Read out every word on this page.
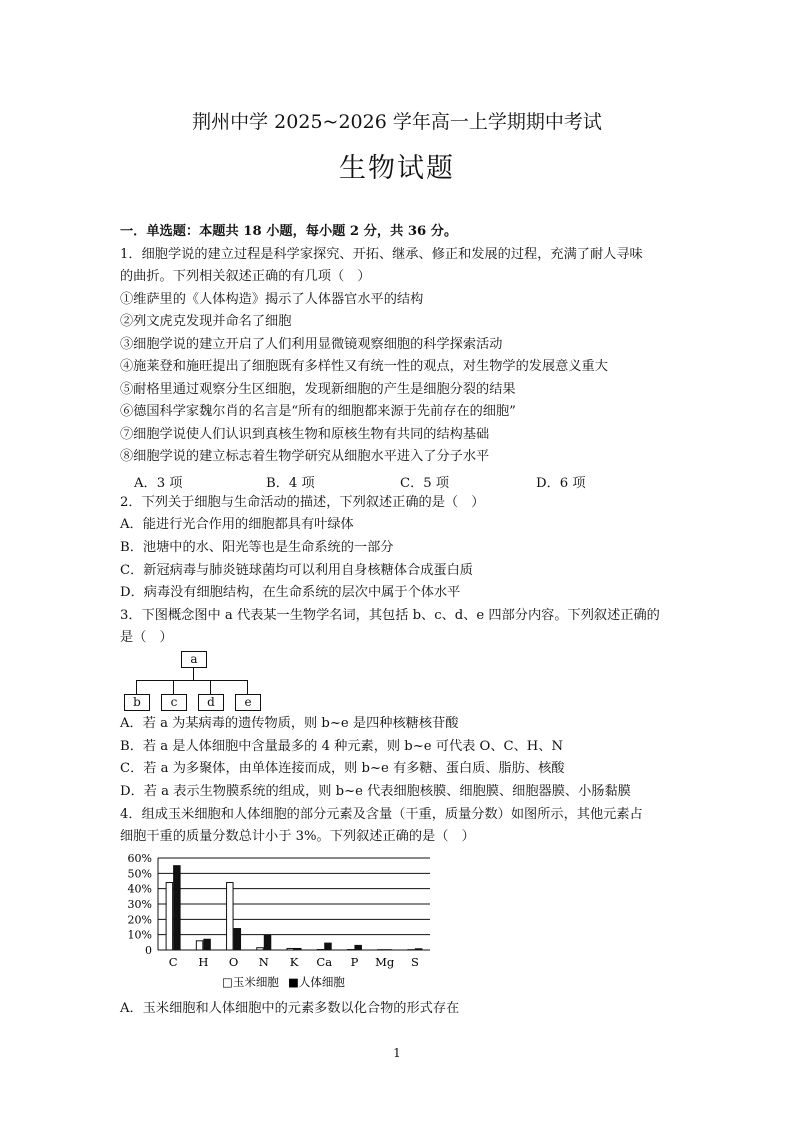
荆州中学 2025~2026 学年高一上学期期中考试
生物试题
一．单选题：本题共 18 小题，每小题 2 分，共 36 分。
1．细胞学说的建立过程是科学家探究、开拓、继承、修正和发展的过程，充满了耐人寻味
的曲折。下列相关叙述正确的有几项（　）
①维萨里的《人体构造》揭示了人体器官水平的结构
②列文虎克发现并命名了细胞
③细胞学说的建立开启了人们利用显微镜观察细胞的科学探索活动
④施莱登和施旺提出了细胞既有多样性又有统一性的观点，对生物学的发展意义重大
⑤耐格里通过观察分生区细胞，发现新细胞的产生是细胞分裂的结果
⑥德国科学家魏尔肖的名言是“所有的细胞都来源于先前存在的细胞”
⑦细胞学说使人们认识到真核生物和原核生物有共同的结构基础
⑧细胞学说的建立标志着生物学研究从细胞水平进入了分子水平
A．3 项	B．4 项	C．5 项	D．6 项
2．下列关于细胞与生命活动的描述，下列叙述正确的是（　）
A．能进行光合作用的细胞都具有叶绿体
B．池塘中的水、阳光等也是生命系统的一部分
C．新冠病毒与肺炎链球菌均可以利用自身核糖体合成蛋白质
D．病毒没有细胞结构，在生命系统的层次中属于个体水平
3．下图概念图中 a 代表某一生物学名词，其包括 b、c、d、e 四部分内容。下列叙述正确的
是（　）
a
b	c	d	e
A．若 a 为某病毒的遗传物质，则 b~e 是四种核糖核苷酸
B．若 a 是人体细胞中含量最多的 4 种元素，则 b~e 可代表 O、C、H、N
C．若 a 为多聚体，由单体连接而成，则 b~e 有多糖、蛋白质、脂肪、核酸
D．若 a 表示生物膜系统的组成，则 b~e 代表细胞核膜、细胞膜、细胞器膜、小肠黏膜
4．组成玉米细胞和人体细胞的部分元素及含量（干重，质量分数）如图所示，其他元素占
细胞干重的质量分数总计小于 3%。下列叙述正确的是（　）
0
10%
20%
30%
40%
50%
60%
C H O N K Ca P Mg S
□玉米细胞 ■人体细胞
A．玉米细胞和人体细胞中的元素多数以化合物的形式存在
1
